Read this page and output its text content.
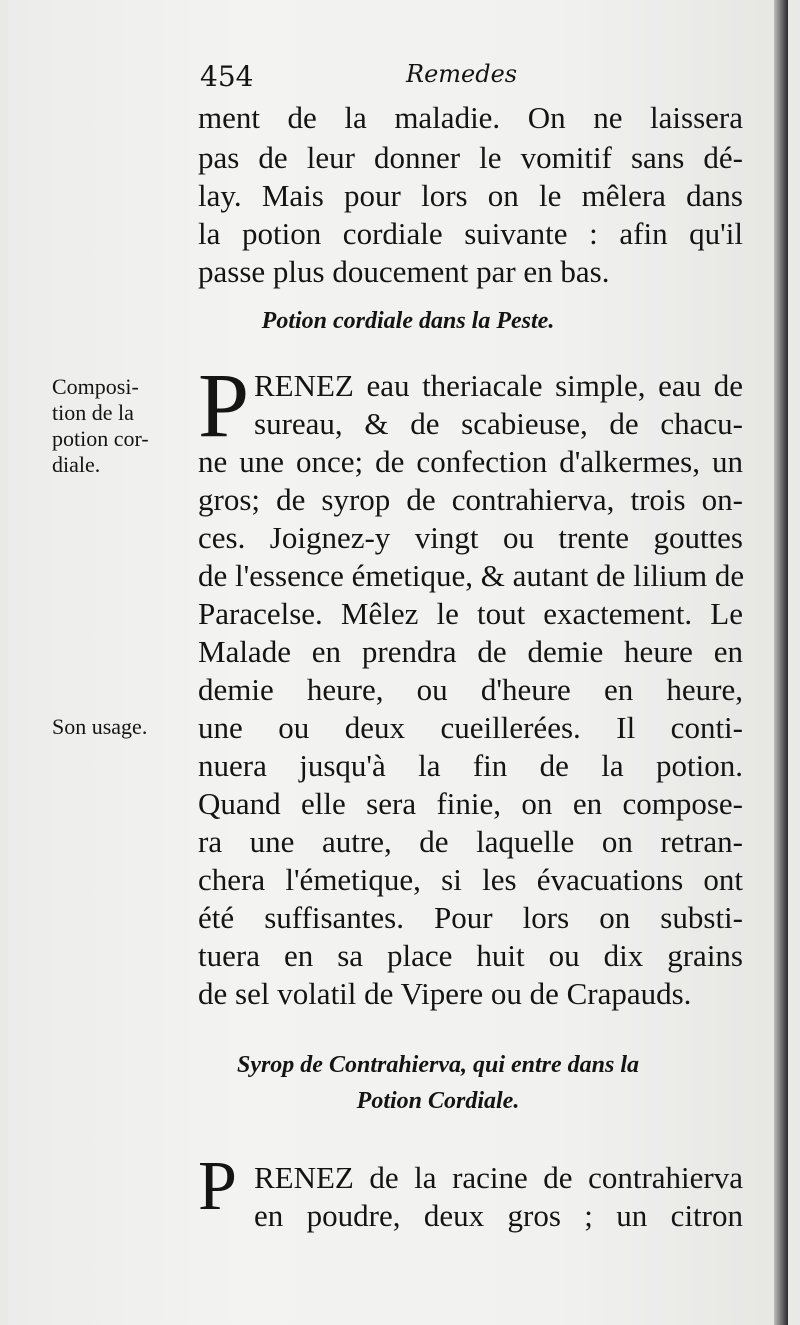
454	Remedes
ment de la maladie. On ne laissera
pas de leur donner le vomitif sans dé-
lay. Mais pour lors on le mêlera dans
la potion cordiale suivante : afin qu'il
passe plus doucement par en bas.
Potion cordiale dans la Peste.
Composi-
tion de la
potion cor-
diale.
Son usage.
P RENEZ eau theriacale simple, eau de
sureau, & de scabieuse, de chacu-
ne une once; de confection d'alkermes, un
gros; de syrop de contrahierva, trois on-
ces. Joignez-y vingt ou trente gouttes
de l'essence émetique, & autant de lilium de
Paracelse. Mêlez le tout exactement. Le
Malade en prendra de demie heure en
demie heure, ou d'heure en heure,
une ou deux cueillerées. Il conti-
nuera jusqu'à la fin de la potion.
Quand elle sera finie, on en compose-
ra une autre, de laquelle on retran-
chera l'émetique, si les évacuations ont
été suffisantes. Pour lors on substi-
tuera en sa place huit ou dix grains
de sel volatil de Vipere ou de Crapauds.
Syrop de Contrahierva, qui entre dans la
Potion Cordiale.
P RENEZ de la racine de contrahierva
en poudre, deux gros ; un citron
